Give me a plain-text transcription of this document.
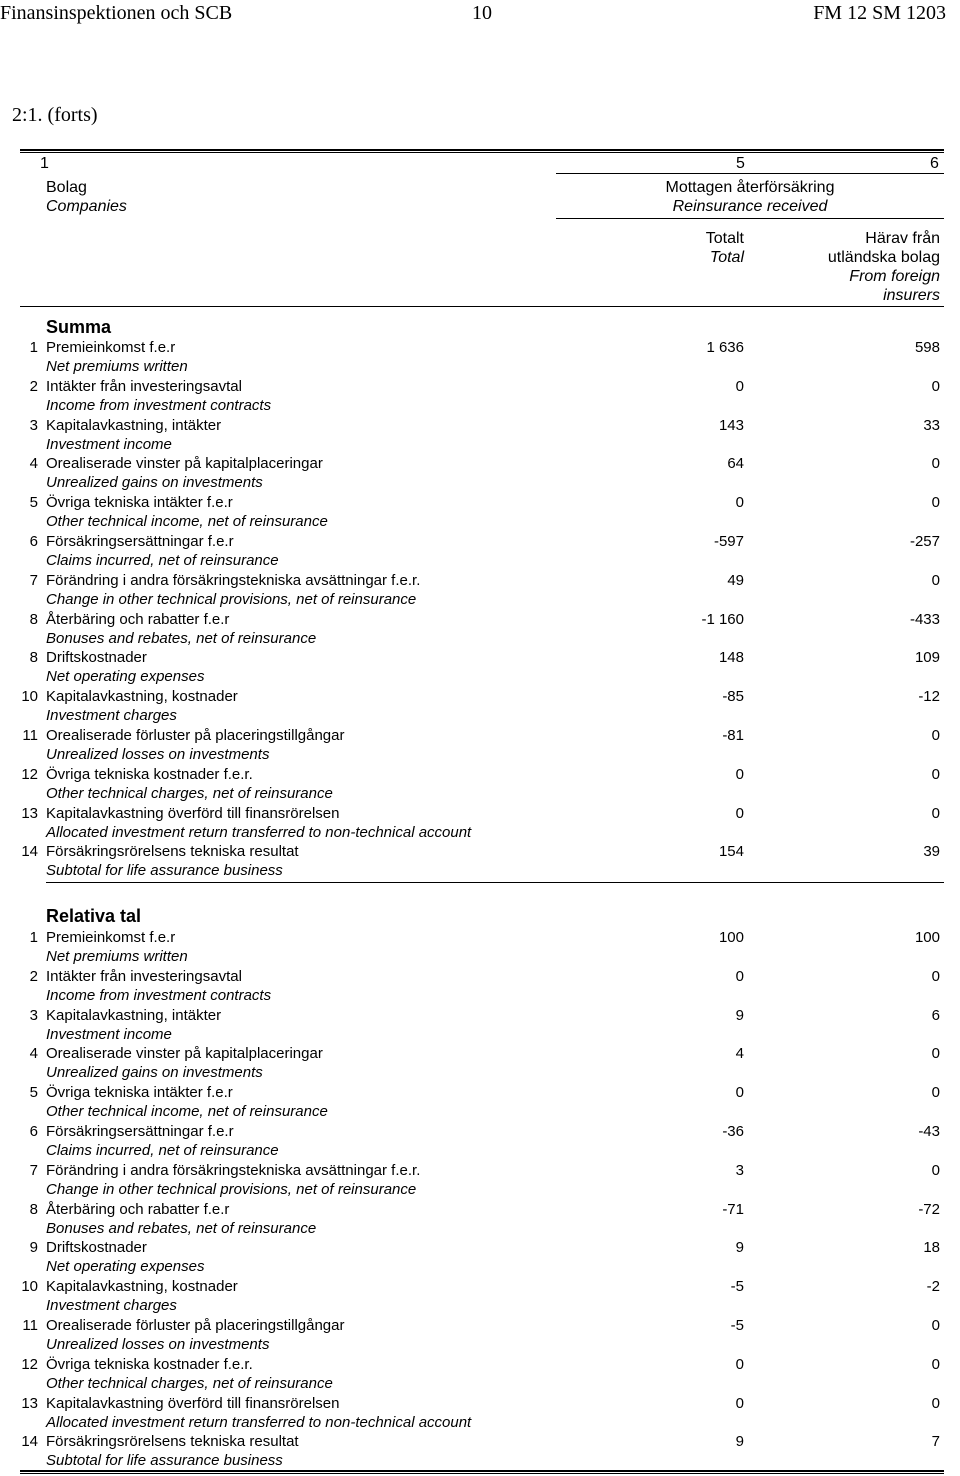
Finansinspektionen och SCB	10	FM 12 SM 1203
2:1. (forts)
1	5	6
Bolag
Companies
Mottagen återförsäkring
Reinsurance received
Totalt
Total
Härav från
utländska bolag
From foreign
insurers
Summa
1 Premieinkomst f.e.r
Net premiums written
1 636	598
2 Intäkter från investeringsavtal
Income from investment contracts
0	0
3 Kapitalavkastning, intäkter
Investment income
143	33
4 Orealiserade vinster på kapitalplaceringar
Unrealized gains on investments
64	0
5 Övriga tekniska intäkter f.e.r
Other technical income, net of reinsurance
0	0
6 Försäkringsersättningar f.e.r
Claims incurred, net of reinsurance
-597	-257
7 Förändring i andra försäkringstekniska avsättningar f.e.r.
Change in other technical provisions, net of reinsurance
49	0
8 Återbäring och rabatter f.e.r
Bonuses and rebates, net of reinsurance
-1 160	-433
8 Driftskostnader
Net operating expenses
148	109
10 Kapitalavkastning, kostnader
Investment charges
-85	-12
11 Orealiserade förluster på placeringstillgångar
Unrealized losses on investments
-81	0
12 Övriga tekniska kostnader f.e.r.
Other technical charges, net of reinsurance
0	0
13 Kapitalavkastning överförd till finansrörelsen
Allocated investment return transferred to non-technical account
0	0
14 Försäkringsrörelsens tekniska resultat
Subtotal for life assurance business
154	39
Relativa tal
1 Premieinkomst f.e.r
Net premiums written
100	100
2 Intäkter från investeringsavtal
Income from investment contracts
0	0
3 Kapitalavkastning, intäkter
Investment income
9	6
4 Orealiserade vinster på kapitalplaceringar
Unrealized gains on investments
4	0
5 Övriga tekniska intäkter f.e.r
Other technical income, net of reinsurance
0	0
6 Försäkringsersättningar f.e.r
Claims incurred, net of reinsurance
-36	-43
7 Förändring i andra försäkringstekniska avsättningar f.e.r.
Change in other technical provisions, net of reinsurance
3	0
8 Återbäring och rabatter f.e.r
Bonuses and rebates, net of reinsurance
-71	-72
9 Driftskostnader
Net operating expenses
9	18
10 Kapitalavkastning, kostnader
Investment charges
-5	-2
11 Orealiserade förluster på placeringstillgångar
Unrealized losses on investments
-5	0
12 Övriga tekniska kostnader f.e.r.
Other technical charges, net of reinsurance
0	0
13 Kapitalavkastning överförd till finansrörelsen
Allocated investment return transferred to non-technical account
0	0
14 Försäkringsrörelsens tekniska resultat
Subtotal for life assurance business
9	7
